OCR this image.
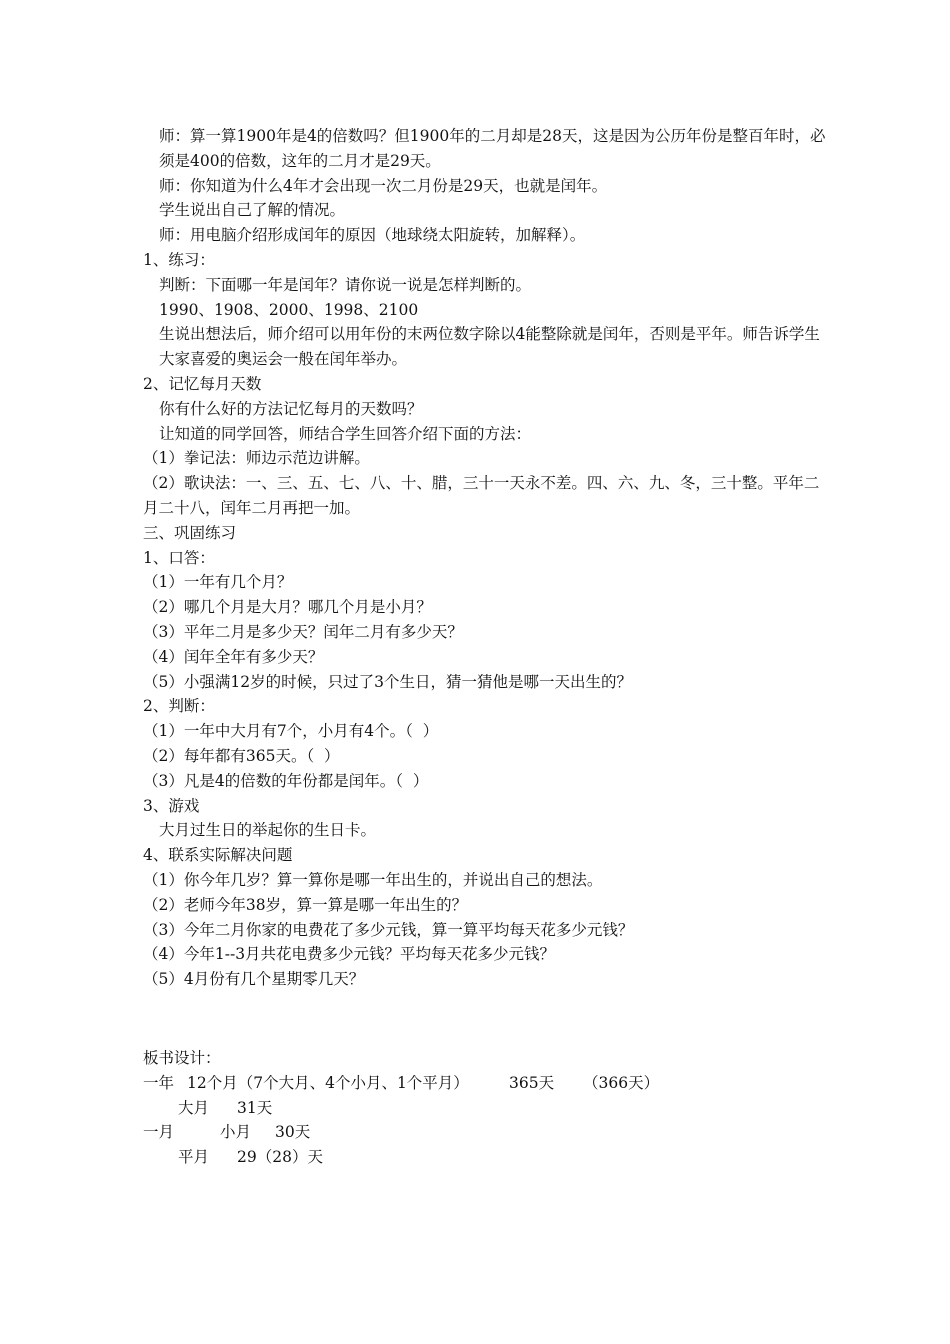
师：算一算1900年是4的倍数吗？但1900年的二月却是28天，这是因为公历年份是整百年时，必须是400的倍数，这年的二月才是29天。

师：你知道为什么4年才会出现一次二月份是29天，也就是闰年。

学生说出自己了解的情况。

师：用电脑介绍形成闰年的原因（地球绕太阳旋转，加解释）。

1、练习：

判断：下面哪一年是闰年？请你说一说是怎样判断的。

1990、1908、2000、1998、2100

生说出想法后，师介绍可以用年份的末两位数字除以4能整除就是闰年，否则是平年。师告诉学生大家喜爱的奥运会一般在闰年举办。

2、记忆每月天数

你有什么好的方法记忆每月的天数吗？

让知道的同学回答，师结合学生回答介绍下面的方法：

（1）拳记法：师边示范边讲解。

（2）歌诀法：一、三、五、七、八、十、腊，三十一天永不差。四、六、九、冬，三十整。平年二月二十八，闰年二月再把一加。

三、巩固练习

1、口答：

（1）一年有几个月？

（2）哪几个月是大月？哪几个月是小月？

（3）平年二月是多少天？闰年二月有多少天？

（4）闰年全年有多少天？

（5）小强满12岁的时候，只过了3个生日，猜一猜他是哪一天出生的？

2、判断：

（1）一年中大月有7个，小月有4个。（  ）

（2）每年都有365天。（  ）

（3）凡是4的倍数的年份都是闰年。（  ）

3、游戏

大月过生日的举起你的生日卡。

4、联系实际解决问题

（1）你今年几岁？算一算你是哪一年出生的，并说出自己的想法。

（2）老师今年38岁，算一算是哪一年出生的？

（3）今年二月你家的电费花了多少元钱，算一算平均每天花多少元钱？

（4）今年1--3月共花电费多少元钱？平均每天花多少元钱？

（5）4月份有几个星期零几天？

板书设计：
一年 12个月（7个大月、4个小月、1个平月）	365天 （366天）
大月 31天
一月	小月 30天
平月 29（28）天
